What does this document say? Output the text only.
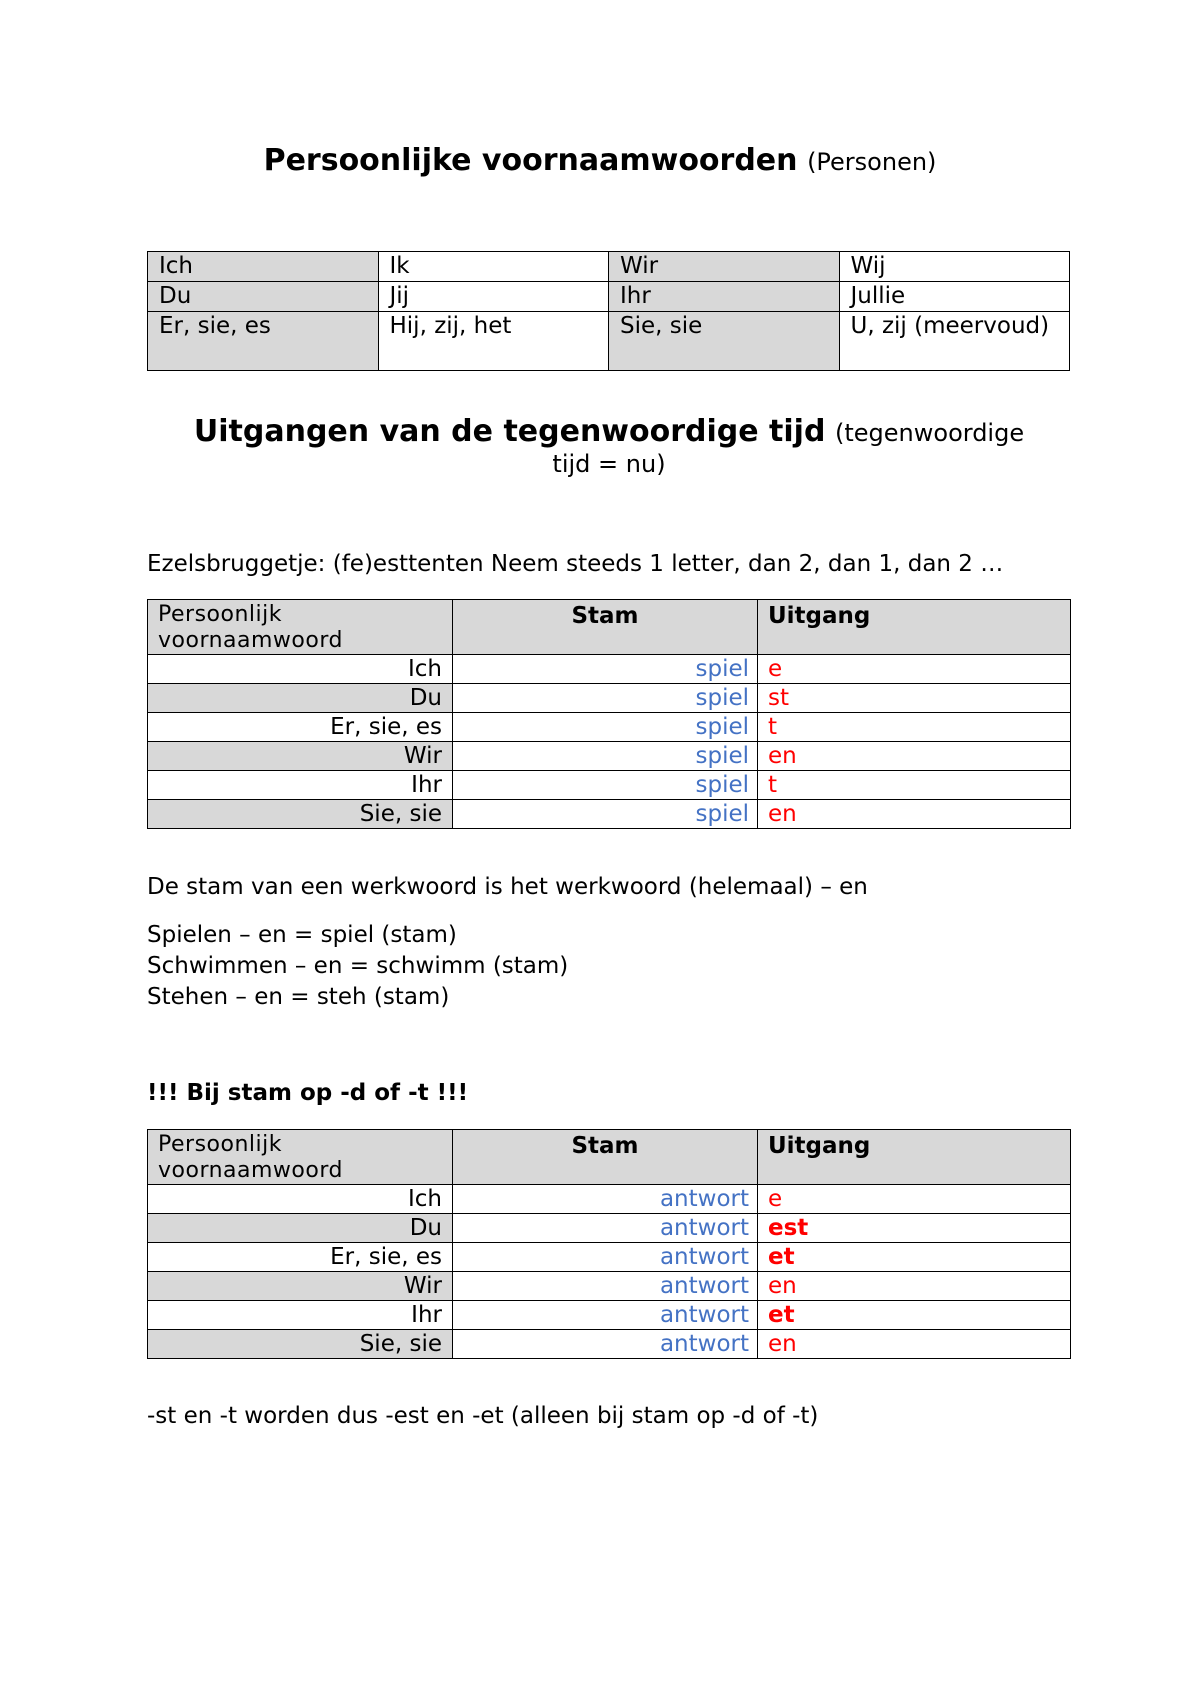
Persoonlijke voornaamwoorden (Personen)
Ich	Ik	Wir	Wij
Du	Jij	Ihr	Jullie
Er, sie, es	Hij, zij, het	Sie, sie	U, zij (meervoud)
Uitgangen van de tegenwoordige tijd (tegenwoordige
tijd = nu)
Ezelsbruggetje: (fe)esttenten Neem steeds 1 letter, dan 2, dan 1, dan 2 …
Persoonlijk voornaamwoord	Stam	Uitgang
Ich	spiel	e
Du	spiel	st
Er, sie, es	spiel	t
Wir	spiel	en
Ihr	spiel	t
Sie, sie	spiel	en
De stam van een werkwoord is het werkwoord (helemaal) – en
Spielen – en = spiel (stam)
Schwimmen – en = schwimm (stam)
Stehen – en = steh (stam)
!!! Bij stam op -d of -t !!!
Persoonlijk voornaamwoord	Stam	Uitgang
Ich	antwort	e
Du	antwort	est
Er, sie, es	antwort	et
Wir	antwort	en
Ihr	antwort	et
Sie, sie	antwort	en
-st en -t worden dus -est en -et (alleen bij stam op -d of -t)
